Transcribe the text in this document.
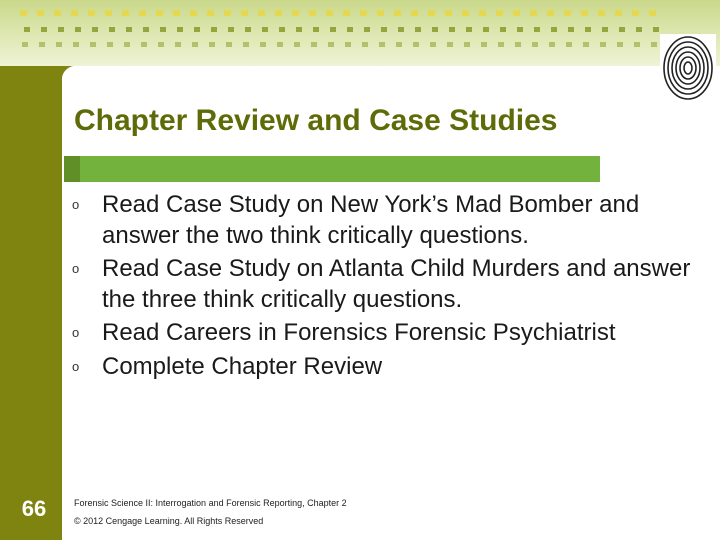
Chapter Review and Case Studies
o Read Case Study on New York’s Mad Bomber and answer the two think critically questions.
o Read Case Study on Atlanta Child Murders and answer the three think critically questions.
o Read Careers in Forensics Forensic Psychiatrist
o Complete Chapter Review
66	Forensic Science II: Interrogation and Forensic Reporting, Chapter 2
© 2012 Cengage Learning. All Rights Reserved
